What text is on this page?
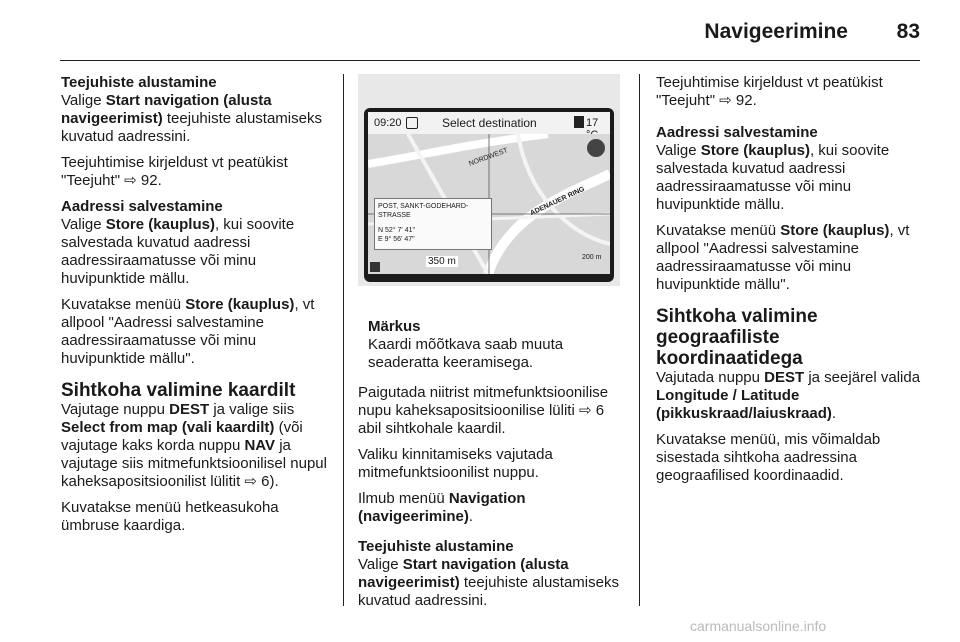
Navigeerimine 83
Teejuhiste alustamine

Valige Start navigation (alusta navigeerimist) teejuhiste alustamiseks kuvatud aadressini.

Teejuhtimise kirjeldust vt peatükist "Teejuht" ⇨ 92.

Aadressi salvestamine

Valige Store (kauplus), kui soovite salvestada kuvatud aadressi aadressiraamatusse või minu huvipunktide mällu.

Kuvatakse menüü Store (kauplus), vt allpool "Aadressi salvestamine aadressiraamatusse või minu huvipunktide mällu".

Sihtkoha valimine kaardilt

Vajutage nuppu DEST ja valige siis Select from map (vali kaardilt) (või vajutage kaks korda nuppu NAV ja vajutage siis mitmefunktsioonilisel nupul kaheksapositsioonilist lülitit ⇨ 6).

Kuvatakse menüü hetkeasukoha ümbruse kaardiga.

09:20	Select destination	17
NORDWEST
ADENAUER RING
POST, SANKT-GODEHARD-STRASSE
N 52° 7' 41"
E 9° 56' 47"
350 m	200 m
Märkus
Kaardi mõõtkava saab muuta seaderatta keeramisega.

Paigutada niitrist mitmefunktsioonilise nupu kaheksapositsioonilise lüliti ⇨ 6 abil sihtkohale kaardil.

Valiku kinnitamiseks vajutada mitmefunktsioonilist nuppu.

Ilmub menüü Navigation (navigeerimine).

Teejuhiste alustamine

Valige Start navigation (alusta navigeerimist) teejuhiste alustamiseks kuvatud aadressini.

Teejuhtimise kirjeldust vt peatükist "Teejuht" ⇨ 92.

Aadressi salvestamine

Valige Store (kauplus), kui soovite salvestada kuvatud aadressi aadressiraamatusse või minu huvipunktide mällu.

Kuvatakse menüü Store (kauplus), vt allpool "Aadressi salvestamine aadressiraamatusse või minu huvipunktide mällu".

Sihtkoha valimine geograafiliste koordinaatidega

Vajutada nuppu DEST ja seejärel valida Longitude / Latitude (pikkuskraad/laiuskraad).

Kuvatakse menüü, mis võimaldab sisestada sihtkoha aadressina geograafilised koordinaadid.

carmanualsonline.info
